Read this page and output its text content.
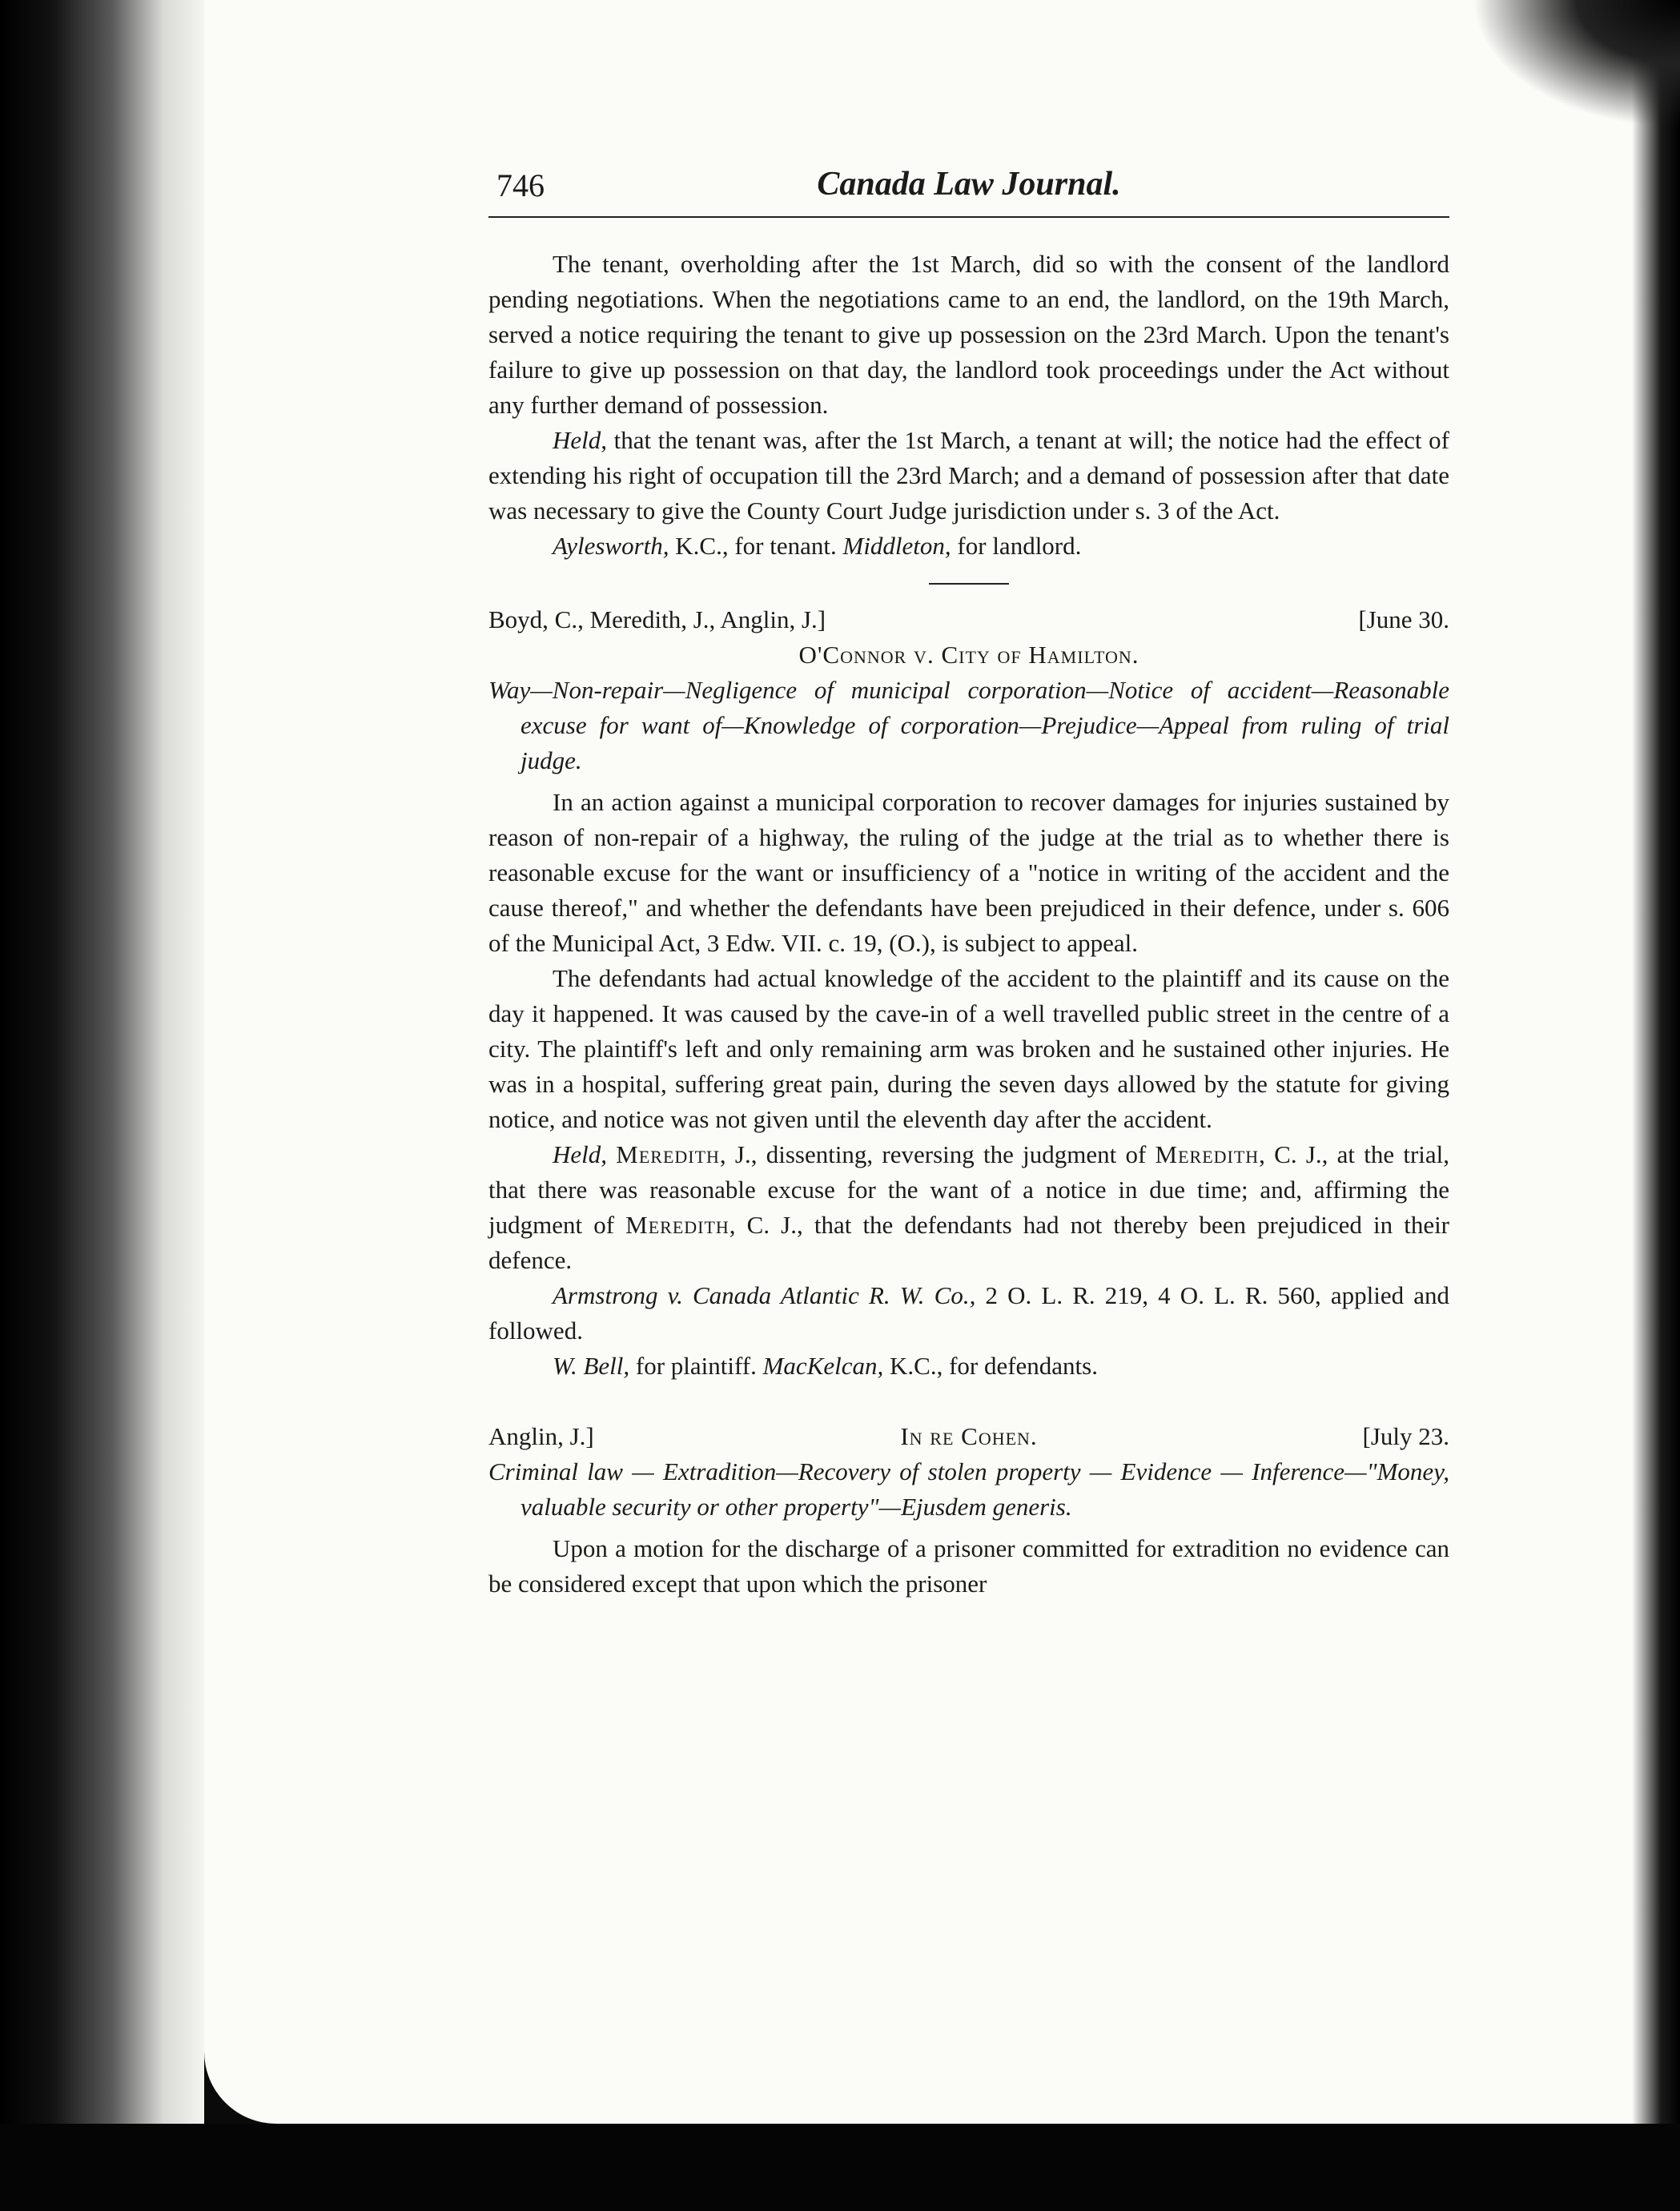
746	Canada Law Journal.

The tenant, overholding after the 1st March, did so with the consent of the landlord pending negotiations. When the negotiations came to an end, the landlord, on the 19th March, served a notice requiring the tenant to give up possession on the 23rd March. Upon the tenant's failure to give up possession on that day, the landlord took proceedings under the Act without any further demand of possession.

Held, that the tenant was, after the 1st March, a tenant at will; the notice had the effect of extending his right of occupation till the 23rd March; and a demand of possession after that date was necessary to give the County Court Judge jurisdiction under s. 3 of the Act.

Aylesworth, K.C., for tenant. Middleton, for landlord.

Boyd, C., Meredith, J., Anglin, J.]	[June 30.

O'Connor v. City of Hamilton.

Way—Non-repair—Negligence of municipal corporation—Notice of accident—Reasonable excuse for want of—Knowledge of corporation—Prejudice—Appeal from ruling of trial judge.

In an action against a municipal corporation to recover damages for injuries sustained by reason of non-repair of a highway, the ruling of the judge at the trial as to whether there is reasonable excuse for the want or insufficiency of a "notice in writing of the accident and the cause thereof," and whether the defendants have been prejudiced in their defence, under s. 606 of the Municipal Act, 3 Edw. VII. c. 19, (O.), is subject to appeal.

The defendants had actual knowledge of the accident to the plaintiff and its cause on the day it happened. It was caused by the cave-in of a well travelled public street in the centre of a city. The plaintiff's left and only remaining arm was broken and he sustained other injuries. He was in a hospital, suffering great pain, during the seven days allowed by the statute for giving notice, and notice was not given until the eleventh day after the accident.

Held, Meredith, J., dissenting, reversing the judgment of Meredith, C. J., at the trial, that there was reasonable excuse for the want of a notice in due time; and, affirming the judgment of Meredith, C. J., that the defendants had not thereby been prejudiced in their defence.

Armstrong v. Canada Atlantic R. W. Co., 2 O. L. R. 219, 4 O. L. R. 560, applied and followed.

W. Bell, for plaintiff. MacKelcan, K.C., for defendants.

Anglin, J.]	In re Cohen.	[July 23.

Criminal law — Extradition—Recovery of stolen property — Evidence — Inference—"Money, valuable security or other property"—Ejusdem generis.

Upon a motion for the discharge of a prisoner committed for extradition no evidence can be considered except that upon which the prisoner
